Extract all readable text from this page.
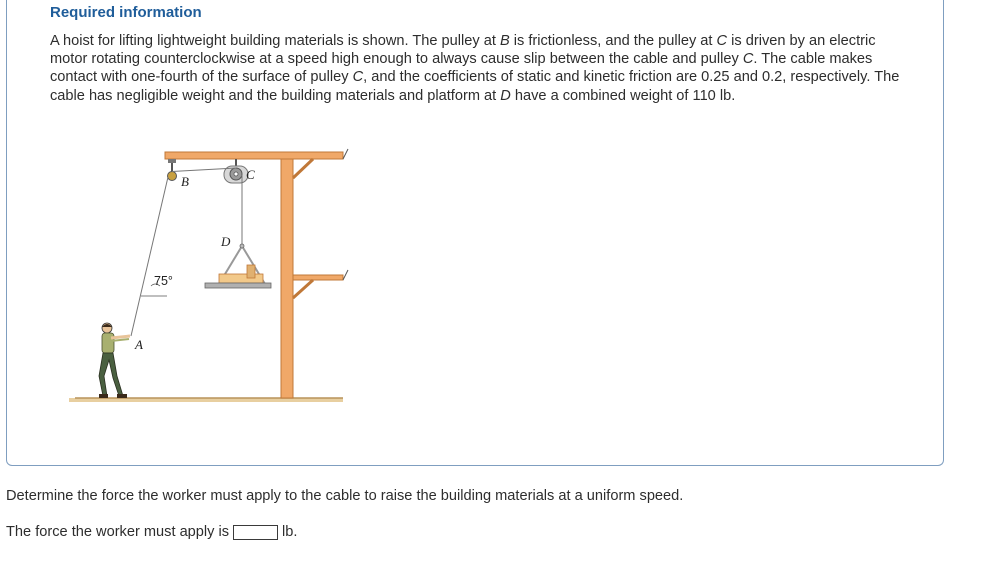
Required information

A hoist for lifting lightweight building materials is shown. The pulley at B is frictionless, and the pulley at C is driven by an electric motor rotating counterclockwise at a speed high enough to always cause slip between the cable and pulley C. The cable makes contact with one-fourth of the surface of pulley C, and the coefficients of static and kinetic friction are 0.25 and 0.2, respectively. The cable has negligible weight and the building materials and platform at D have a combined weight of 110 lb.

B	C
D
A
75°

Determine the force the worker must apply to the cable to raise the building materials at a uniform speed.

The force the worker must apply is	lb.
